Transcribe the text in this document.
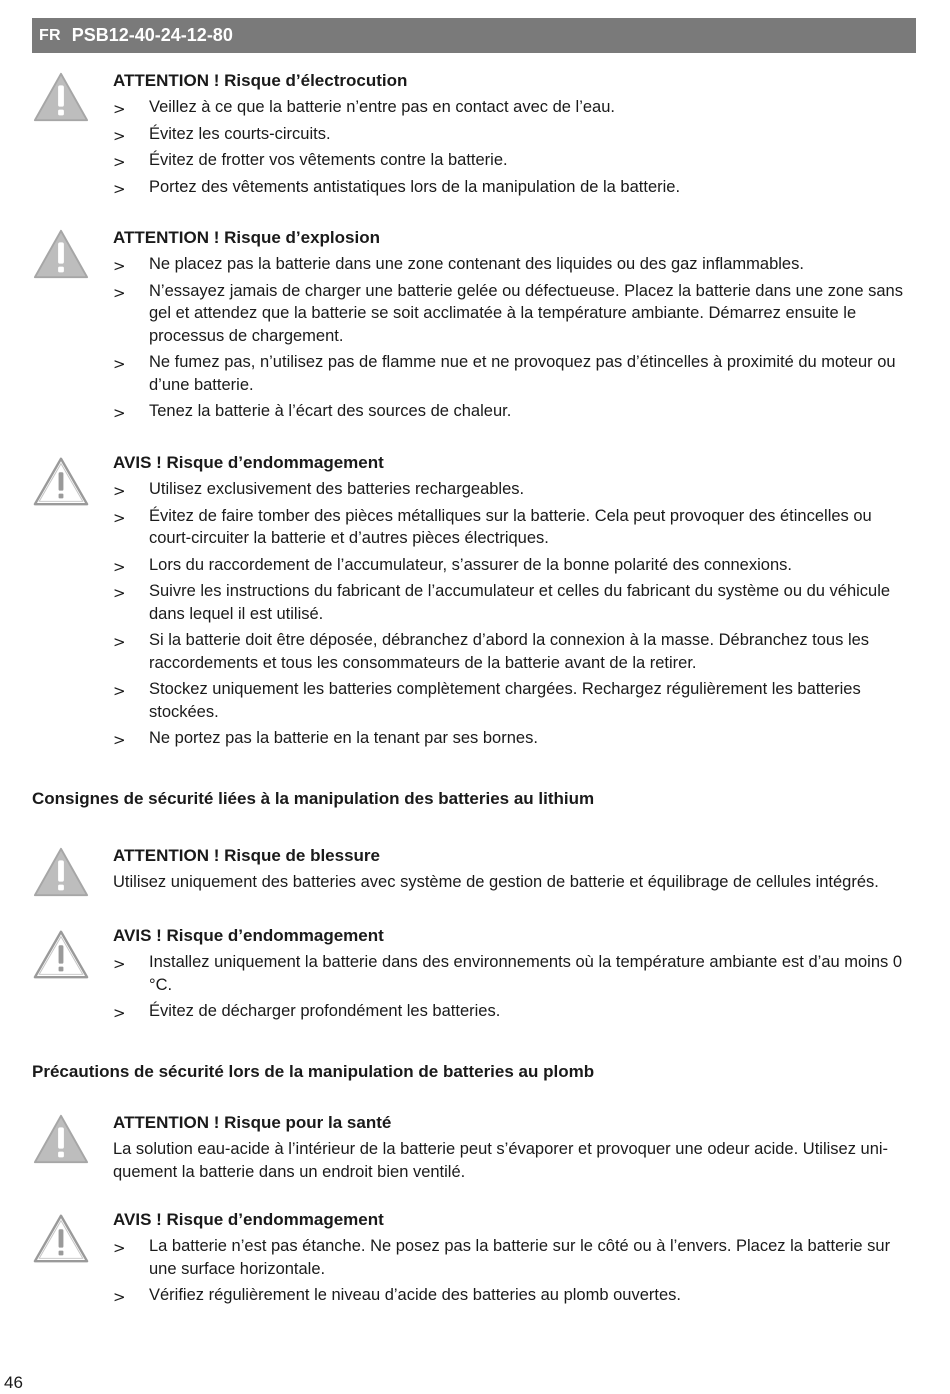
FR PSB12-40-24-12-80
ATTENTION ! Risque d’électrocution
> Veillez à ce que la batterie n’entre pas en contact avec de l’eau.
> Évitez les courts-circuits.
> Évitez de frotter vos vêtements contre la batterie.
> Portez des vêtements antistatiques lors de la manipulation de la batterie.
ATTENTION ! Risque d’explosion
> Ne placez pas la batterie dans une zone contenant des liquides ou des gaz inflammables.
> N’essayez jamais de charger une batterie gelée ou défectueuse. Placez la batterie dans une zone sans gel et attendez que la batterie se soit acclimatée à la température ambiante. Démarrez ensuite le processus de chargement.
> Ne fumez pas, n’utilisez pas de flamme nue et ne provoquez pas d’étincelles à proximité du moteur ou d’une batterie.
> Tenez la batterie à l’écart des sources de chaleur.
AVIS ! Risque d’endommagement
> Utilisez exclusivement des batteries rechargeables.
> Évitez de faire tomber des pièces métalliques sur la batterie. Cela peut provoquer des étincelles ou court-circuiter la batterie et d’autres pièces électriques.
> Lors du raccordement de l’accumulateur, s’assurer de la bonne polarité des connexions.
> Suivre les instructions du fabricant de l’accumulateur et celles du fabricant du système ou du véhicule dans lequel il est utilisé.
> Si la batterie doit être déposée, débranchez d’abord la connexion à la masse. Débranchez tous les raccordements et tous les consommateurs de la batterie avant de la retirer.
> Stockez uniquement les batteries complètement chargées. Rechargez régulièrement les batteries stockées.
> Ne portez pas la batterie en la tenant par ses bornes.
Consignes de sécurité liées à la manipulation des batteries au lithium
ATTENTION ! Risque de blessure

Utilisez uniquement des batteries avec système de gestion de batterie et équilibrage de cellules intégrés.

AVIS ! Risque d’endommagement
> Installez uniquement la batterie dans des environnements où la température ambiante est d’au moins 0 °C.
> Évitez de décharger profondément les batteries.
Précautions de sécurité lors de la manipulation de batteries au plomb
ATTENTION ! Risque pour la santé

La solution eau-acide à l’intérieur de la batterie peut s’évaporer et provoquer une odeur acide. Utilisez uni- quement la batterie dans un endroit bien ventilé.

AVIS ! Risque d’endommagement
> La batterie n’est pas étanche. Ne posez pas la batterie sur le côté ou à l’envers. Placez la batterie sur une surface horizontale.
> Vérifiez régulièrement le niveau d’acide des batteries au plomb ouvertes.
46
